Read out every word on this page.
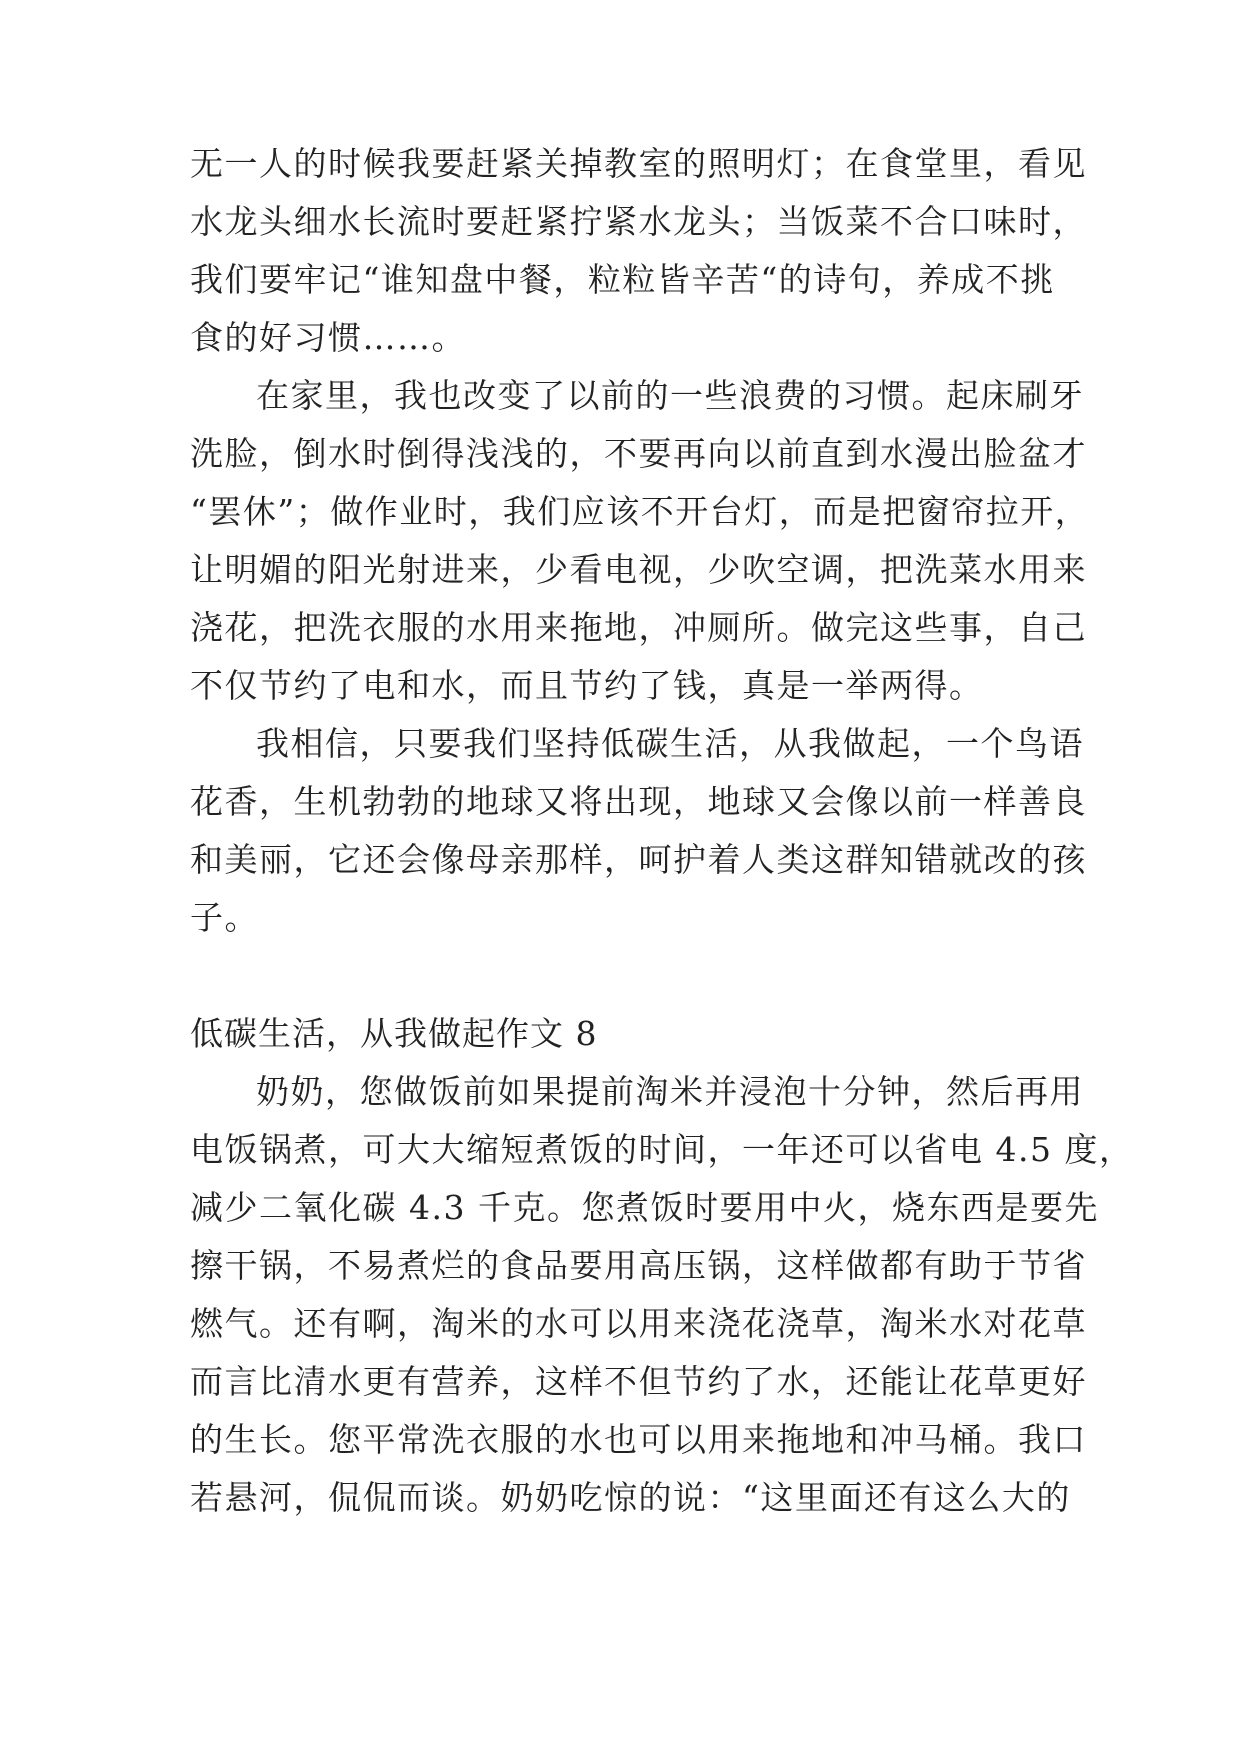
无一人的时候我要赶紧关掉教室的照明灯；在食堂里，看见
水龙头细水长流时要赶紧拧紧水龙头；当饭菜不合口味时，
我们要牢记“谁知盘中餐，粒粒皆辛苦“的诗句，养成不挑
食的好习惯……。
在家里，我也改变了以前的一些浪费的习惯。起床刷牙
洗脸，倒水时倒得浅浅的，不要再向以前直到水漫出脸盆才
“罢休”；做作业时，我们应该不开台灯，而是把窗帘拉开，
让明媚的阳光射进来，少看电视，少吹空调，把洗菜水用来
浇花，把洗衣服的水用来拖地，冲厕所。做完这些事，自己
不仅节约了电和水，而且节约了钱，真是一举两得。
我相信，只要我们坚持低碳生活，从我做起，一个鸟语
花香，生机勃勃的地球又将出现，地球又会像以前一样善良
和美丽，它还会像母亲那样，呵护着人类这群知错就改的孩
子。
低碳生活，从我做起作文 8
奶奶，您做饭前如果提前淘米并浸泡十分钟，然后再用
电饭锅煮，可大大缩短煮饭的时间，一年还可以省电 4.5 度，
减少二氧化碳 4.3 千克。您煮饭时要用中火，烧东西是要先
擦干锅，不易煮烂的食品要用高压锅，这样做都有助于节省
燃气。还有啊，淘米的水可以用来浇花浇草，淘米水对花草
而言比清水更有营养，这样不但节约了水，还能让花草更好
的生长。您平常洗衣服的水也可以用来拖地和冲马桶。我口
若悬河，侃侃而谈。奶奶吃惊的说：“这里面还有这么大的
